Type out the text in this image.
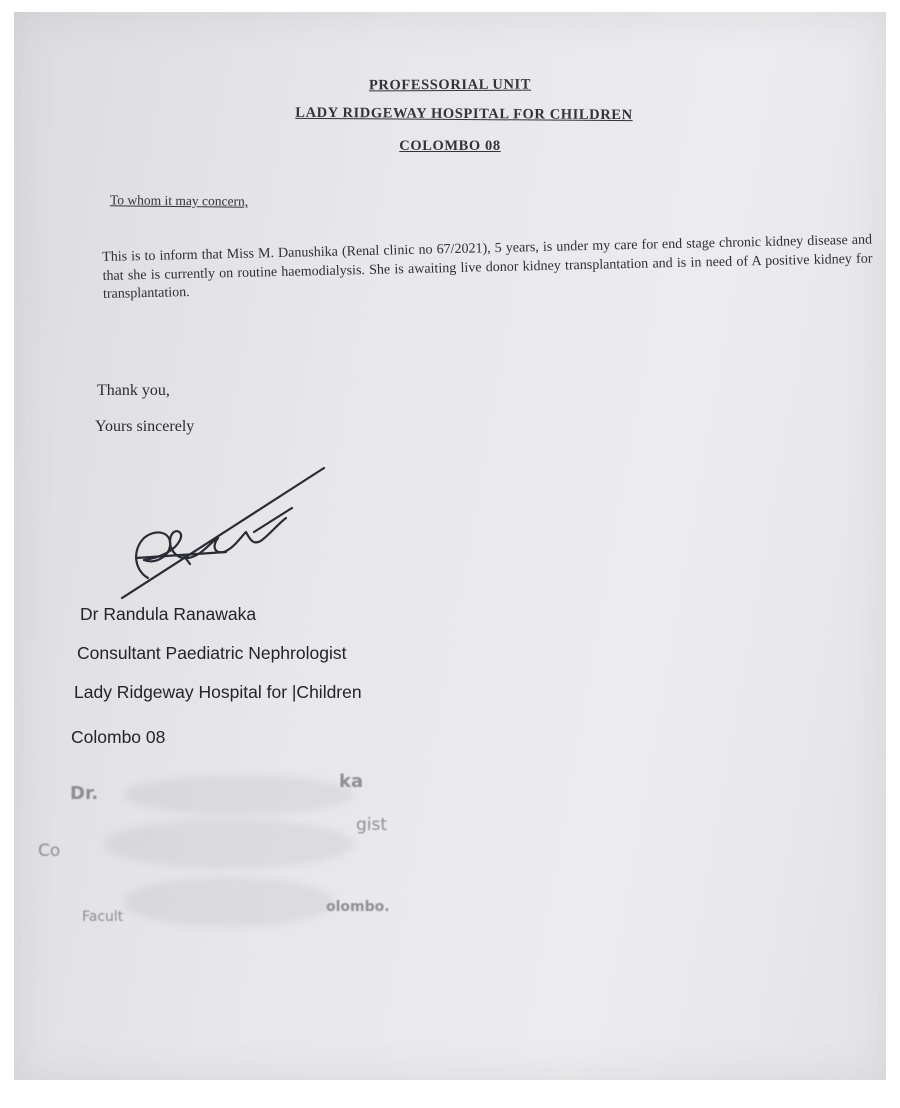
PROFESSORIAL UNIT
LADY RIDGEWAY HOSPITAL FOR CHILDREN
COLOMBO 08
To whom it may concern,
This is to inform that Miss M. Danushika (Renal clinic no 67/2021), 5 years, is under my care for end stage chronic kidney disease and that she is currently on routine haemodialysis. She is awaiting live donor kidney transplantation and is in need of A positive kidney for transplantation.
Thank you,
Yours sincerely
Dr Randula Ranawaka
Consultant Paediatric Nephrologist
Lady Ridgeway Hospital for |Children
Colombo 08
Dr.
ka
gist
Co
olombo.
Facult
